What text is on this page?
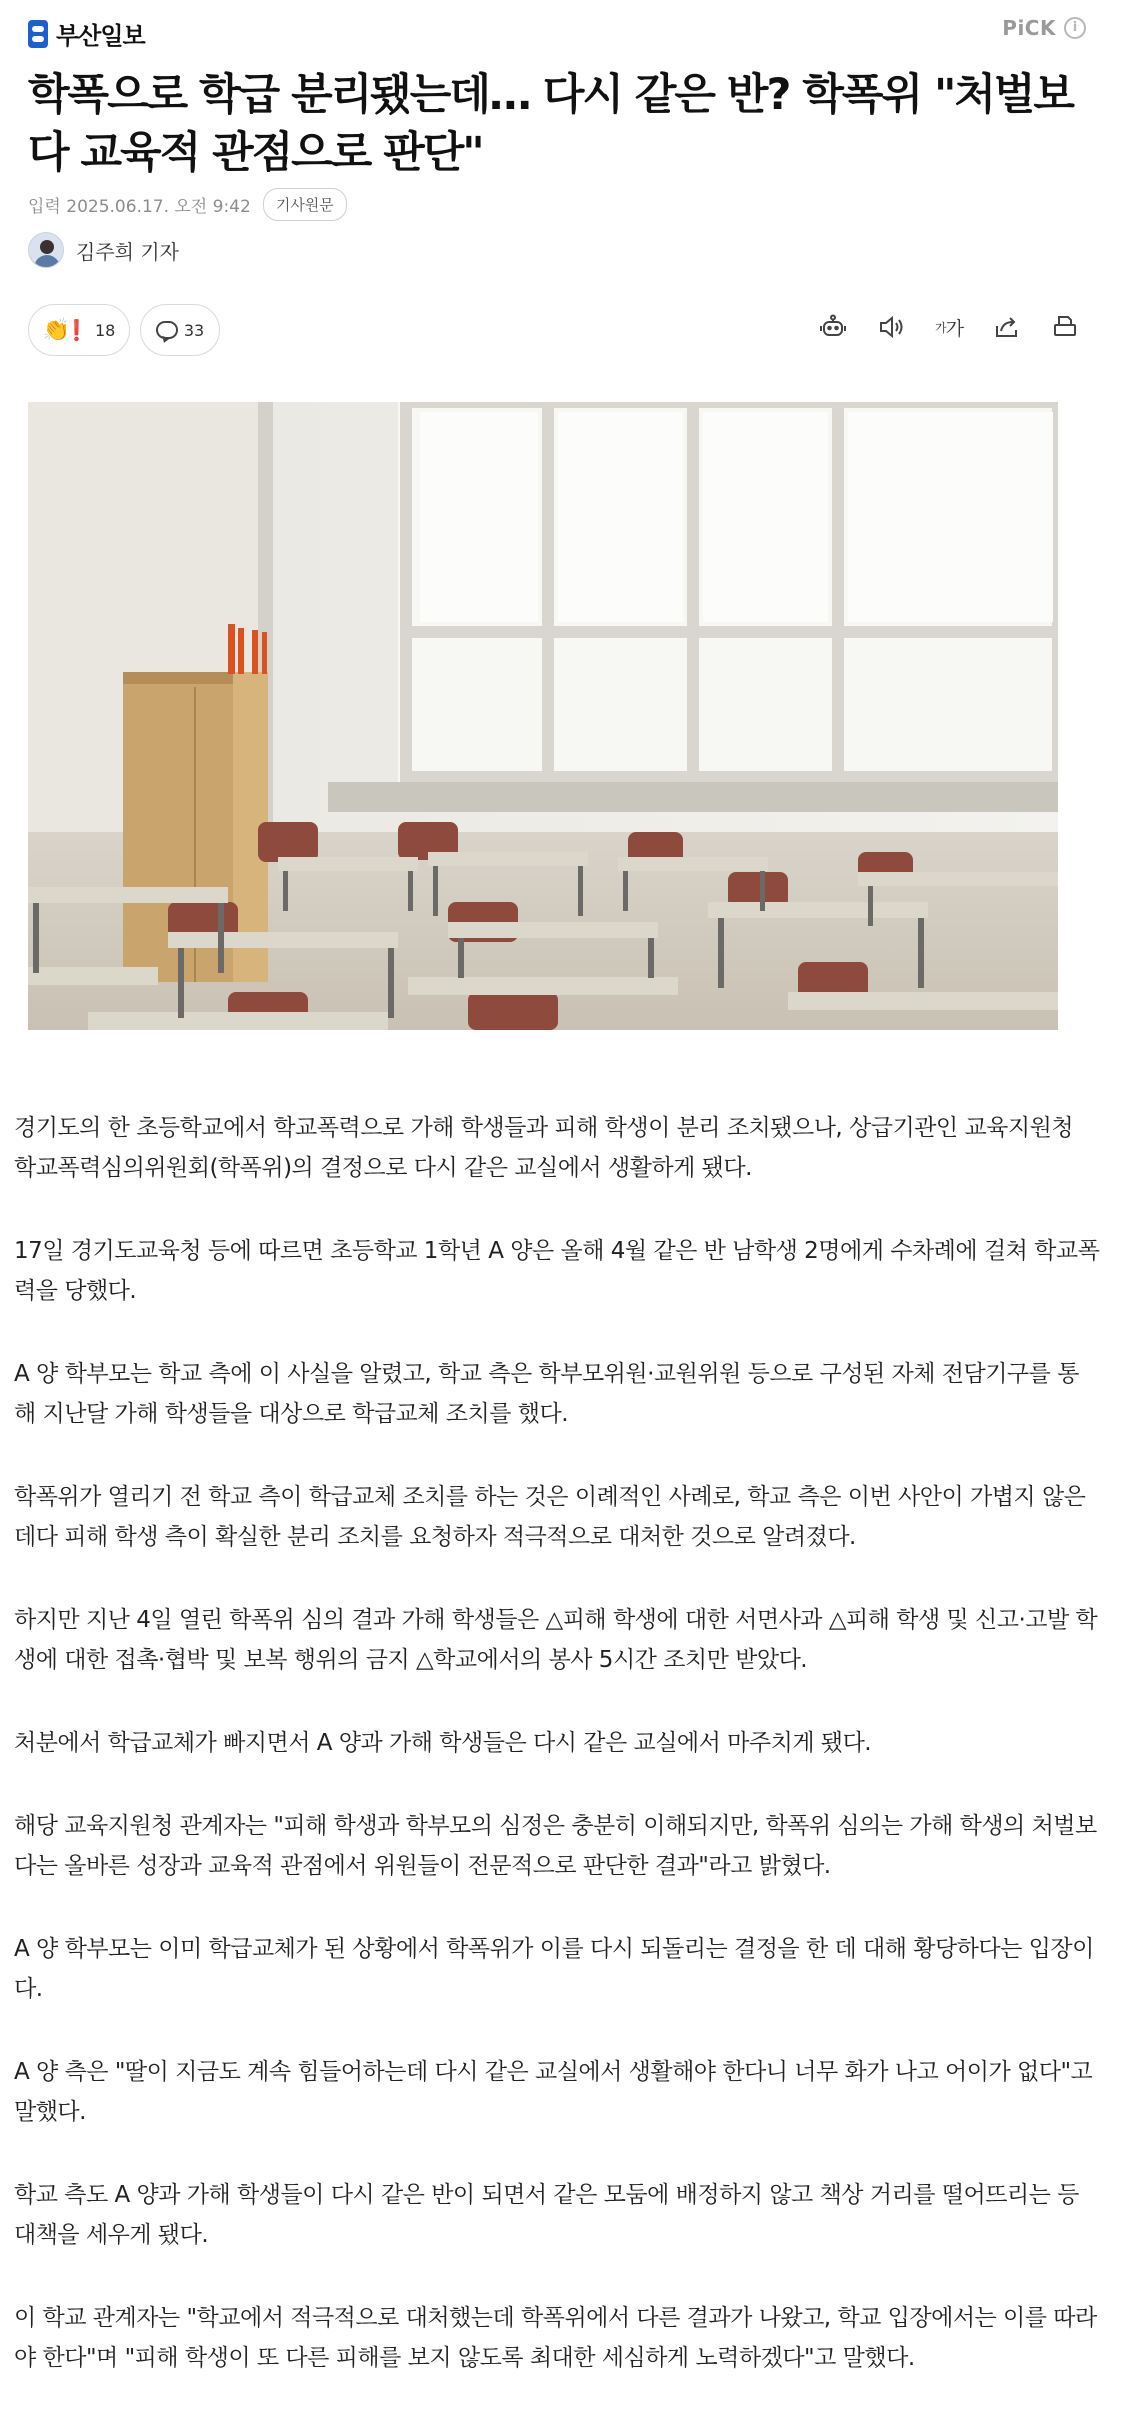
부산일보	PiCK	i
학폭으로 학급 분리됐는데… 다시 같은 반? 학폭위 "처벌보다 교육적 관점으로 판단"
입력 2025.06.17. 오전 9:42	기사원문
김주희 기자
👏
❗ 18	33	가 가

경기도의 한 초등학교에서 학교폭력으로 가해 학생들과 피해 학생이 분리 조치됐으나, 상급기관인 교육지원청 학교폭력심의위원회(학폭위)의 결정으로 다시 같은 교실에서 생활하게 됐다.

17일 경기도교육청 등에 따르면 초등학교 1학년 A 양은 올해 4월 같은 반 남학생 2명에게 수차례에 걸쳐 학교폭력을 당했다.

A 양 학부모는 학교 측에 이 사실을 알렸고, 학교 측은 학부모위원·교원위원 등으로 구성된 자체 전담기구를 통해 지난달 가해 학생들을 대상으로 학급교체 조치를 했다.

학폭위가 열리기 전 학교 측이 학급교체 조치를 하는 것은 이례적인 사례로, 학교 측은 이번 사안이 가볍지 않은 데다 피해 학생 측이 확실한 분리 조치를 요청하자 적극적으로 대처한 것으로 알려졌다.

하지만 지난 4일 열린 학폭위 심의 결과 가해 학생들은 △피해 학생에 대한 서면사과 △피해 학생 및 신고·고발 학생에 대한 접촉·협박 및 보복 행위의 금지 △학교에서의 봉사 5시간 조치만 받았다.

처분에서 학급교체가 빠지면서 A 양과 가해 학생들은 다시 같은 교실에서 마주치게 됐다.

해당 교육지원청 관계자는 "피해 학생과 학부모의 심정은 충분히 이해되지만, 학폭위 심의는 가해 학생의 처벌보다는 올바른 성장과 교육적 관점에서 위원들이 전문적으로 판단한 결과"라고 밝혔다.

A 양 학부모는 이미 학급교체가 된 상황에서 학폭위가 이를 다시 되돌리는 결정을 한 데 대해 황당하다는 입장이다.

A 양 측은 "딸이 지금도 계속 힘들어하는데 다시 같은 교실에서 생활해야 한다니 너무 화가 나고 어이가 없다"고 말했다.

학교 측도 A 양과 가해 학생들이 다시 같은 반이 되면서 같은 모둠에 배정하지 않고 책상 거리를 떨어뜨리는 등 대책을 세우게 됐다.

이 학교 관계자는 "학교에서 적극적으로 대처했는데 학폭위에서 다른 결과가 나왔고, 학교 입장에서는 이를 따라야 한다"며 "피해 학생이 또 다른 피해를 보지 않도록 최대한 세심하게 노력하겠다"고 말했다.
